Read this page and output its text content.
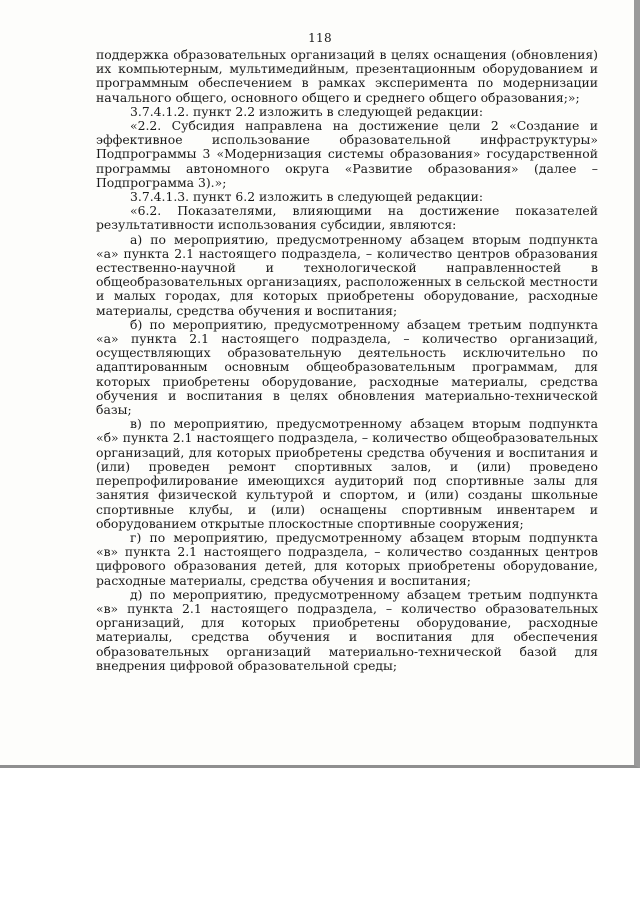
118

поддержка образовательных организаций в целях оснащения (обновления) их компьютерным, мультимедийным, презентационным оборудованием и программным обеспечением в рамках эксперимента по модернизации начального общего, основного общего и среднего общего образования;»;

3.7.4.1.2. пункт 2.2 изложить в следующей редакции:

«2.2. Субсидия направлена на достижение цели 2 «Создание и эффективное использование образовательной инфраструктуры» Подпрограммы 3 «Модернизация системы образования» государственной программы автономного округа «Развитие образования» (далее – Подпрограмма 3).»;

3.7.4.1.3. пункт 6.2 изложить в следующей редакции:

«6.2. Показателями, влияющими на достижение показателей результативности использования субсидии, являются:

а) по мероприятию, предусмотренному абзацем вторым подпункта «а» пункта 2.1 настоящего подраздела, – количество центров образования естественно-научной и технологической направленностей в общеобразовательных организациях, расположенных в сельской местности и малых городах, для которых приобретены оборудование, расходные материалы, средства обучения и воспитания;

б) по мероприятию, предусмотренному абзацем третьим подпункта «а» пункта 2.1 настоящего подраздела, – количество организаций, осуществляющих образовательную деятельность исключительно по адаптированным основным общеобразовательным программам, для которых приобретены оборудование, расходные материалы, средства обучения и воспитания в целях обновления материально-технической базы;

в) по мероприятию, предусмотренному абзацем вторым подпункта «б» пункта 2.1 настоящего подраздела, – количество общеобразовательных организаций, для которых приобретены средства обучения и воспитания и (или) проведен ремонт спортивных залов, и (или) проведено перепрофилирование имеющихся аудиторий под спортивные залы для занятия физической культурой и спортом, и (или) созданы школьные спортивные клубы, и (или) оснащены спортивным инвентарем и оборудованием открытые плоскостные спортивные сооружения;

г) по мероприятию, предусмотренному абзацем вторым подпункта «в» пункта 2.1 настоящего подраздела, – количество созданных центров цифрового образования детей, для которых приобретены оборудование, расходные материалы, средства обучения и воспитания;

д) по мероприятию, предусмотренному абзацем третьим подпункта «в» пункта 2.1 настоящего подраздела, – количество образовательных организаций, для которых приобретены оборудование, расходные материалы, средства обучения и воспитания для обеспечения образовательных организаций материально-технической базой для внедрения цифровой образовательной среды;
